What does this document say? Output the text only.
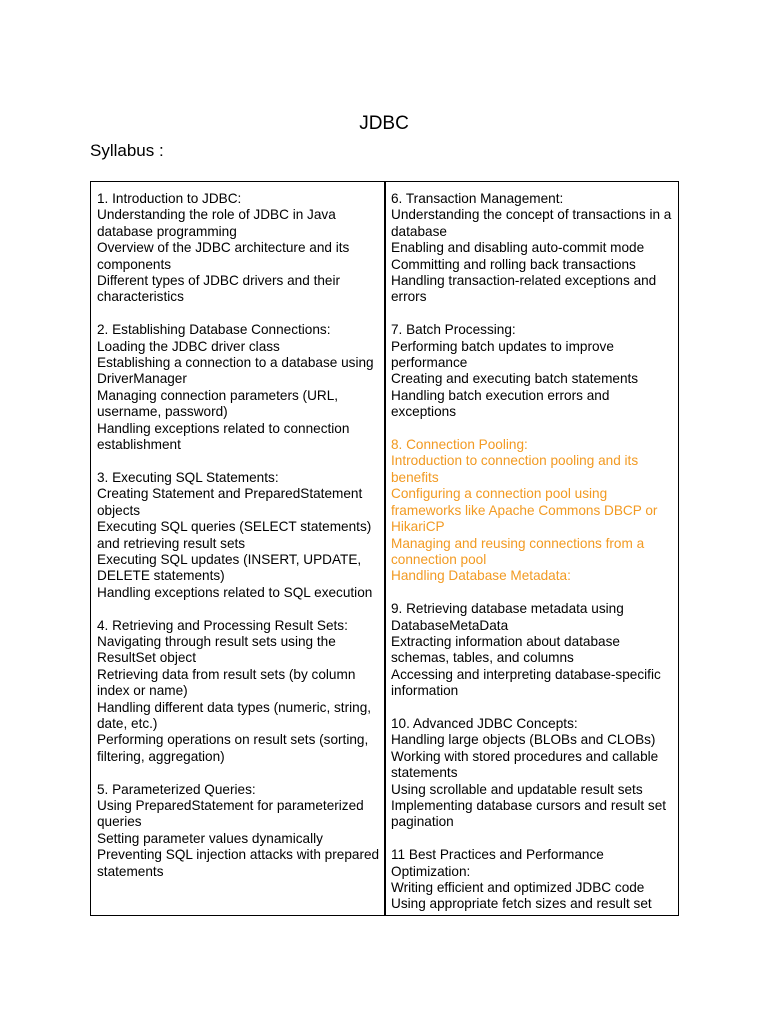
JDBC
Syllabus :
1. Introduction to JDBC:
Understanding the role of JDBC in Java database programming
Overview of the JDBC architecture and its components
Different types of JDBC drivers and their characteristics
2. Establishing Database Connections:
Loading the JDBC driver class
Establishing a connection to a database using DriverManager
Managing connection parameters (URL, username, password)
Handling exceptions related to connection establishment
3. Executing SQL Statements:
Creating Statement and PreparedStatement objects
Executing SQL queries (SELECT statements) and retrieving result sets
Executing SQL updates (INSERT, UPDATE, DELETE statements)
Handling exceptions related to SQL execution
4. Retrieving and Processing Result Sets:
Navigating through result sets using the ResultSet object
Retrieving data from result sets (by column index or name)
Handling different data types (numeric, string, date, etc.)
Performing operations on result sets (sorting, filtering, aggregation)
5. Parameterized Queries:
Using PreparedStatement for parameterized queries
Setting parameter values dynamically
Preventing SQL injection attacks with prepared statements
6. Transaction Management:
Understanding the concept of transactions in a database
Enabling and disabling auto-commit mode
Committing and rolling back transactions
Handling transaction-related exceptions and errors
7. Batch Processing:
Performing batch updates to improve performance
Creating and executing batch statements
Handling batch execution errors and exceptions
8. Connection Pooling:
Introduction to connection pooling and its benefits
Configuring a connection pool using frameworks like Apache Commons DBCP or HikariCP
Managing and reusing connections from a connection pool
Handling Database Metadata:
9. Retrieving database metadata using DatabaseMetaData
Extracting information about database schemas, tables, and columns
Accessing and interpreting database-specific information
10. Advanced JDBC Concepts:
Handling large objects (BLOBs and CLOBs)
Working with stored procedures and callable statements
Using scrollable and updatable result sets
Implementing database cursors and result set pagination
11 Best Practices and Performance Optimization:
Writing efficient and optimized JDBC code
Using appropriate fetch sizes and result set
